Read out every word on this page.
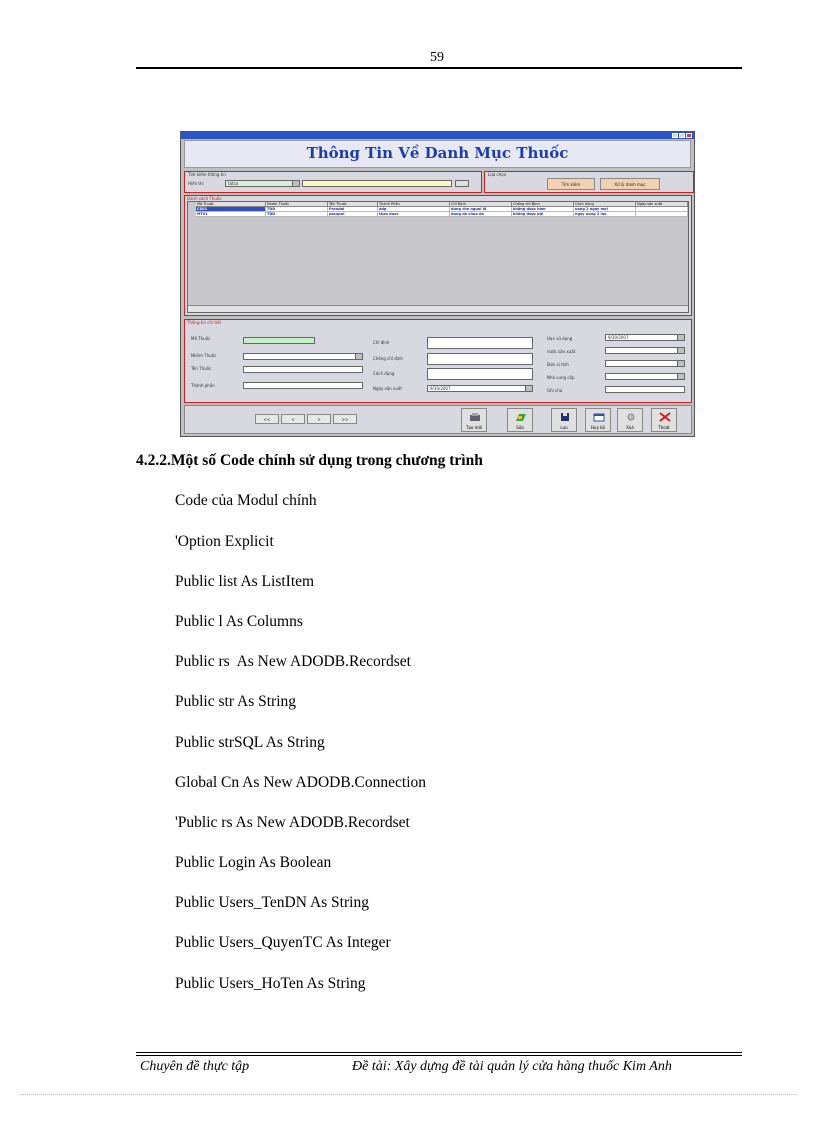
59
Thông Tin Về Danh Mục Thuốc
Tìm kiếm thông tin
Hiển thị	tatca
Lựa chọn
Tìm kiếm	Xử lý danh mục
Danh sách Thuốc
Mã Thuốc	Nhóm Thuốc	Tên Thuốc	Thành Phần	Chỉ Định	Chống chỉ Định	Cách dùng	Ngày sản xuất
CS01	TDD	Pacadol	adg	dung cho nguoi lớ	không duoc hom	uong 2 ngay moi
MT01	TDD	pacapol	thao duoc	dung de chua da	không được bội	ngay uong 2 lan
Thông tin chi tiết
Mã Thuốc
Nhóm Thuốc
Tên Thuốc
Thành phần
Chỉ định
Chống chỉ định
Cách dùng
Ngày sản xuất	9/30/2007
Hạn sử dụng	9/30/2007
nước sản xuất
Đơn vị tính
Nhà cung cấp
Ghi chú
<<	<	>	>>
Tạo mới	Sửa	Lưu	Huỷ bỏ	Xoá	Thoát
4.2.2.Một số Code chính sử dụng trong chương trình
Code của Modul chính
'Option Explicit
Public list As ListItem
Public l As Columns
Public rs  As New ADODB.Recordset
Public str As String
Public strSQL As String
Global Cn As New ADODB.Connection
'Public rs As New ADODB.Recordset
Public Login As Boolean
Public Users_TenDN As String
Public Users_QuyenTC As Integer
Public Users_HoTen As String
Chuyên đề thực tập	Đề tài: Xây dựng đề tài quản lý cửa hàng thuốc Kim Anh
